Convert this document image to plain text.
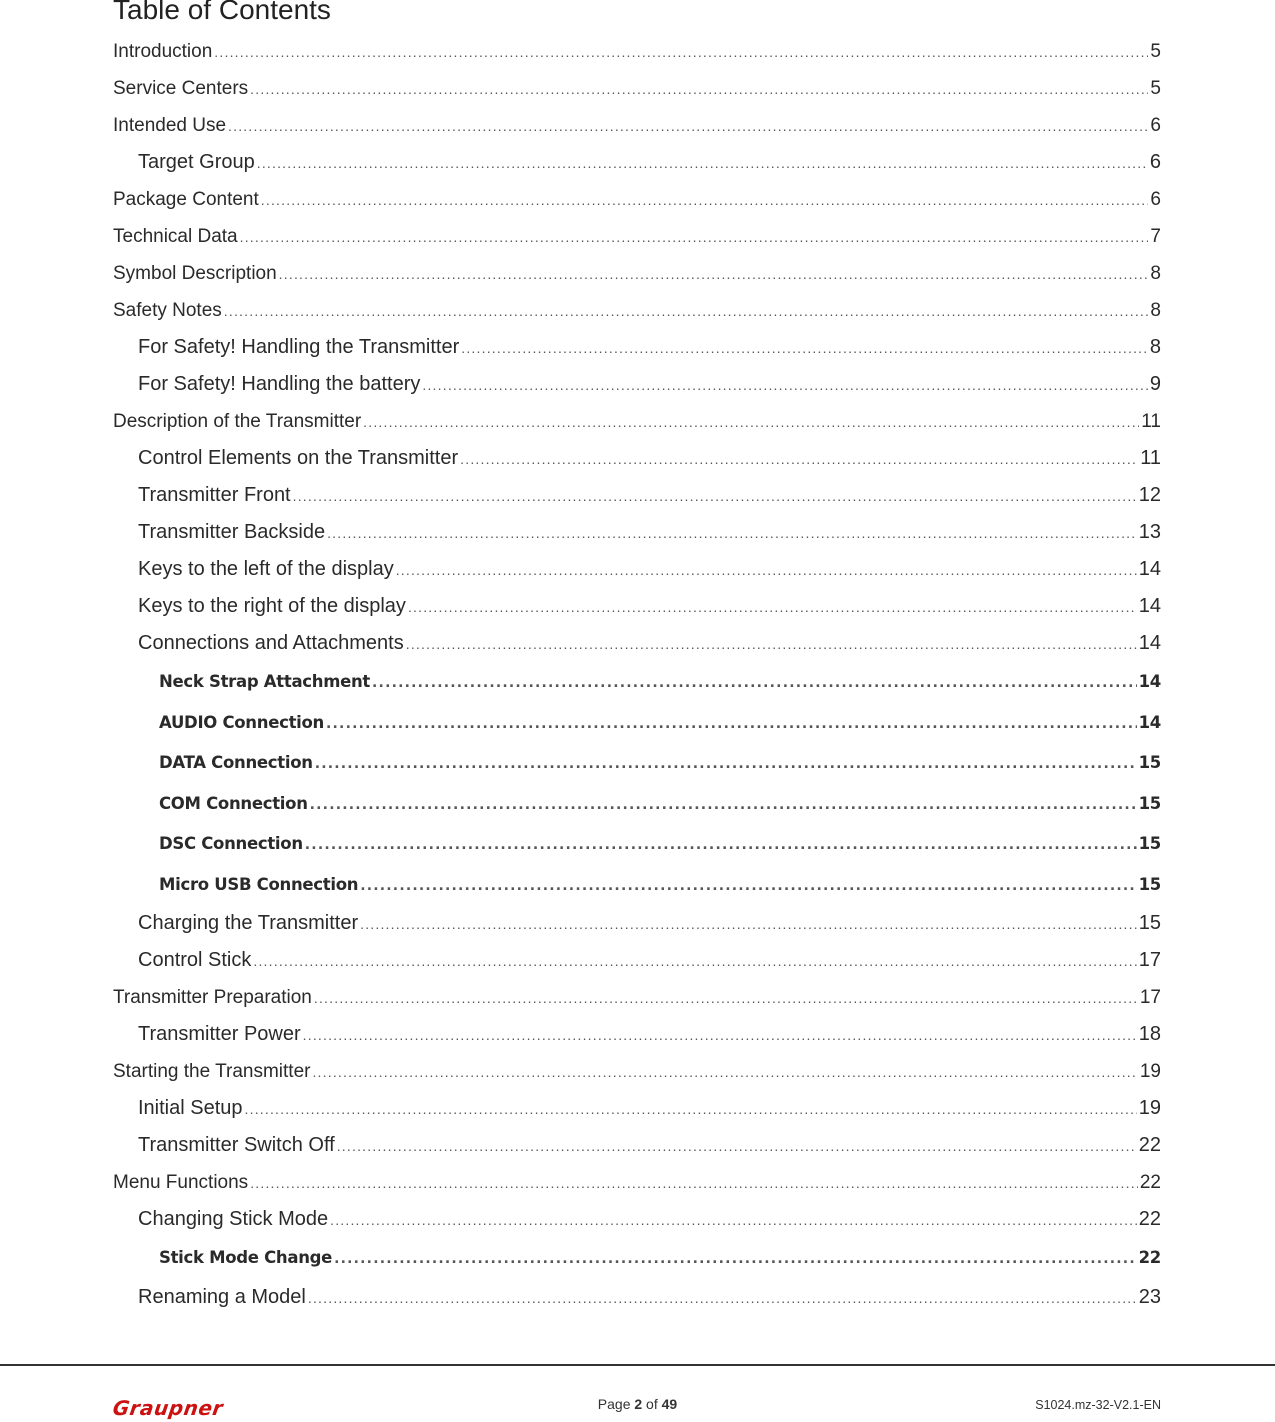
Table of Contents
Introduction .....	5
Service Centers .....	5
Intended Use .....	6
Target Group .....	6
Package Content .....	6
Technical Data .....	7
Symbol Description .....	8
Safety Notes .....	8
For Safety! Handling the Transmitter .....	8
For Safety! Handling the battery .....	9
Description of the Transmitter .....	11
Control Elements on the Transmitter .....	11
Transmitter Front .....	12
Transmitter Backside .....	13
Keys to the left of the display .....	14
Keys to the right of the display .....	14
Connections and Attachments .....	14
Neck Strap Attachment .....	14
AUDIO Connection .....	14
DATA Connection .....	15
COM Connection .....	15
DSC Connection .....	15
Micro USB Connection .....	15
Charging the Transmitter .....	15
Control Stick .....	17
Transmitter Preparation .....	17
Transmitter Power .....	18
Starting the Transmitter .....	19
Initial Setup .....	19
Transmitter Switch Off .....	22
Menu Functions .....	22
Changing Stick Mode .....	22
Stick Mode Change .....	22
Renaming a Model .....	23
Graupner	Page 2 of 49	S1024.mz-32-V2.1-EN
